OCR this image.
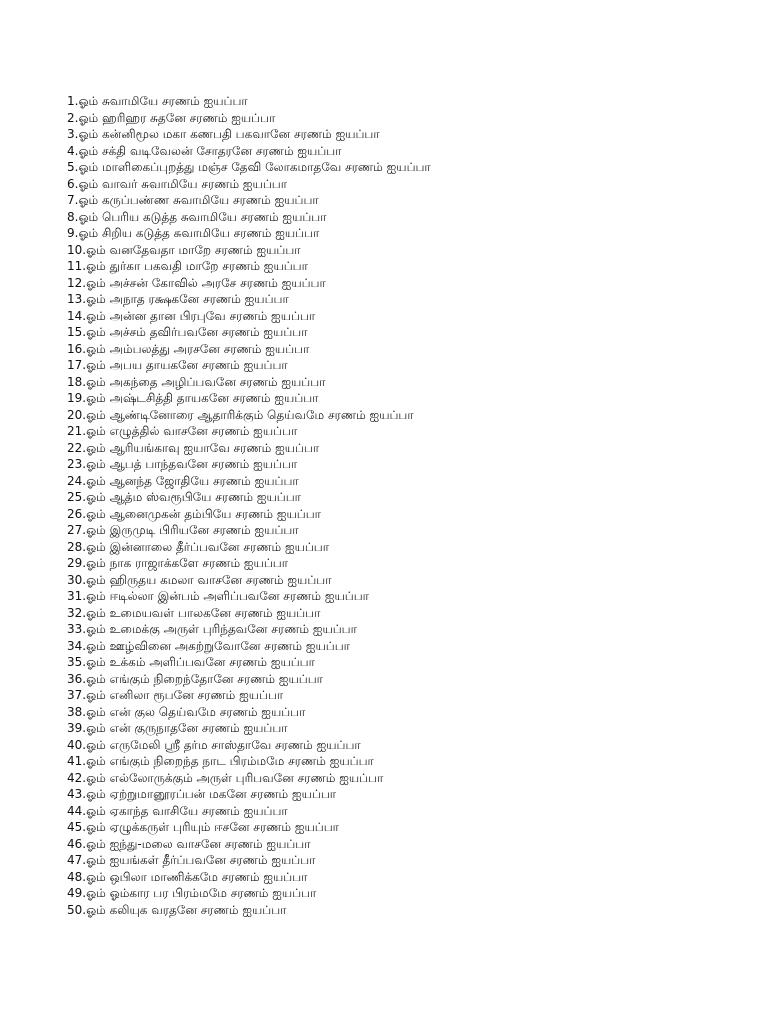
1.ஓம் சுவாமியே சரணம் ஐயப்பா
2.ஓம் ஹரிஹர சுதனே சரணம் ஐயப்பா
3.ஓம் கன்னிமூல மகா கணபதி பகவானே சரணம் ஐயப்பா
4.ஓம் சக்தி வடிவேலன் சோதரனே சரணம் ஐயப்பா
5.ஓம் மாளிகைப்புறத்து மஞ்ச தேவி லோகமாதவே சரணம் ஐயப்பா
6.ஓம் வாவர் சுவாமியே சரணம் ஐயப்பா
7.ஓம் கருப்பண்ண சுவாமியே சரணம் ஐயப்பா
8.ஓம் பெரிய கடுத்த சுவாமியே சரணம் ஐயப்பா
9.ஓம் சிறிய கடுத்த சுவாமியே சரணம் ஐயப்பா
10.ஓம் வனதேவதா மாறே சரணம் ஐயப்பா
11.ஓம் துர்கா பகவதி மாறே சரணம் ஐயப்பா
12.ஓம் அச்சன் கோவில் அரசே சரணம் ஐயப்பா
13.ஓம் அநாத ரக்ஷகனே சரணம் ஐயப்பா
14.ஓம் அன்ன தான பிரபுவே சரணம் ஐயப்பா
15.ஓம் அச்சம் தவிர்பவனே சரணம் ஐயப்பா
16.ஓம் அம்பலத்து அரசனே சரணம் ஐயப்பா
17.ஓம் அபய தாயகனே சரணம் ஐயப்பா
18.ஓம் அகந்தை அழிப்பவனே சரணம் ஐயப்பா
19.ஓம் அஷ்டசித்தி தாயகனே சரணம் ஐயப்பா
20.ஓம் ஆண்டினோரை ஆதாரிக்கும் தெய்வமே சரணம் ஐயப்பா
21.ஓம் எழுத்தில் வாசனே சரணம் ஐயப்பா
22.ஓம் ஆரியங்காவு ஐயாவே சரணம் ஐயப்பா
23.ஓம் ஆபத் பாந்தவனே சரணம் ஐயப்பா
24.ஓம் ஆனந்த ஜோதியே சரணம் ஐயப்பா
25.ஓம் ஆத்ம ஸ்வரூபியே சரணம் ஐயப்பா
26.ஓம் ஆனைமுகன் தம்பியே சரணம் ஐயப்பா
27.ஓம் இருமுடி பிரியனே சரணம் ஐயப்பா
28.ஓம் இன்னாலை தீர்ப்பவனே சரணம் ஐயப்பா
29.ஓம் நாக ராஜாக்களே சரணம் ஐயப்பா
30.ஓம் ஹிருதய கமலா வாசனே சரணம் ஐயப்பா
31.ஓம் ஈடில்லா இன்பம் அளிப்பவனே சரணம் ஐயப்பா
32.ஓம் உமையவள் பாலகனே சரணம் ஐயப்பா
33.ஓம் உமைக்கு அருள் புரிந்தவனே சரணம் ஐயப்பா
34.ஓம் ஊழ்வினை அகற்றுவோனே சரணம் ஐயப்பா
35.ஓம் உக்கம் அளிப்பவனே சரணம் ஐயப்பா
36.ஓம் எங்கும் நிறைந்தோனே சரணம் ஐயப்பா
37.ஓம் எனிலா ரூபனே சரணம் ஐயப்பா
38.ஓம் என் குல தெய்வமே சரணம் ஐயப்பா
39.ஓம் என் குருநாதனே சரணம் ஐயப்பா
40.ஓம் எருமேலி ஸ்ரீ தர்ம சாஸ்தாவே சரணம் ஐயப்பா
41.ஓம் எங்கும் நிறைந்த நாட பிரம்மமே சரணம் ஐயப்பா
42.ஓம் எல்லோருக்கும் அருள் புரிபவனே சரணம் ஐயப்பா
43.ஓம் ஏற்றுமானூரப்பன் மகனே சரணம் ஐயப்பா
44.ஓம் ஏகாந்த வாசியே சரணம் ஐயப்பா
45.ஓம் ஏழுக்கருள் புரியும் ஈசனே சரணம் ஐயப்பா
46.ஓம் ஐந்து-மலை வாசனே சரணம் ஐயப்பா
47.ஓம் ஐயங்கள் தீர்ப்பவனே சரணம் ஐயப்பா
48.ஓம் ஒபிலா மாணிக்கமே சரணம் ஐயப்பா
49.ஓம் ஓம்கார பர பிரம்மமே சரணம் ஐயப்பா
50.ஓம் கலியுக வரதனே சரணம் ஐயப்பா
